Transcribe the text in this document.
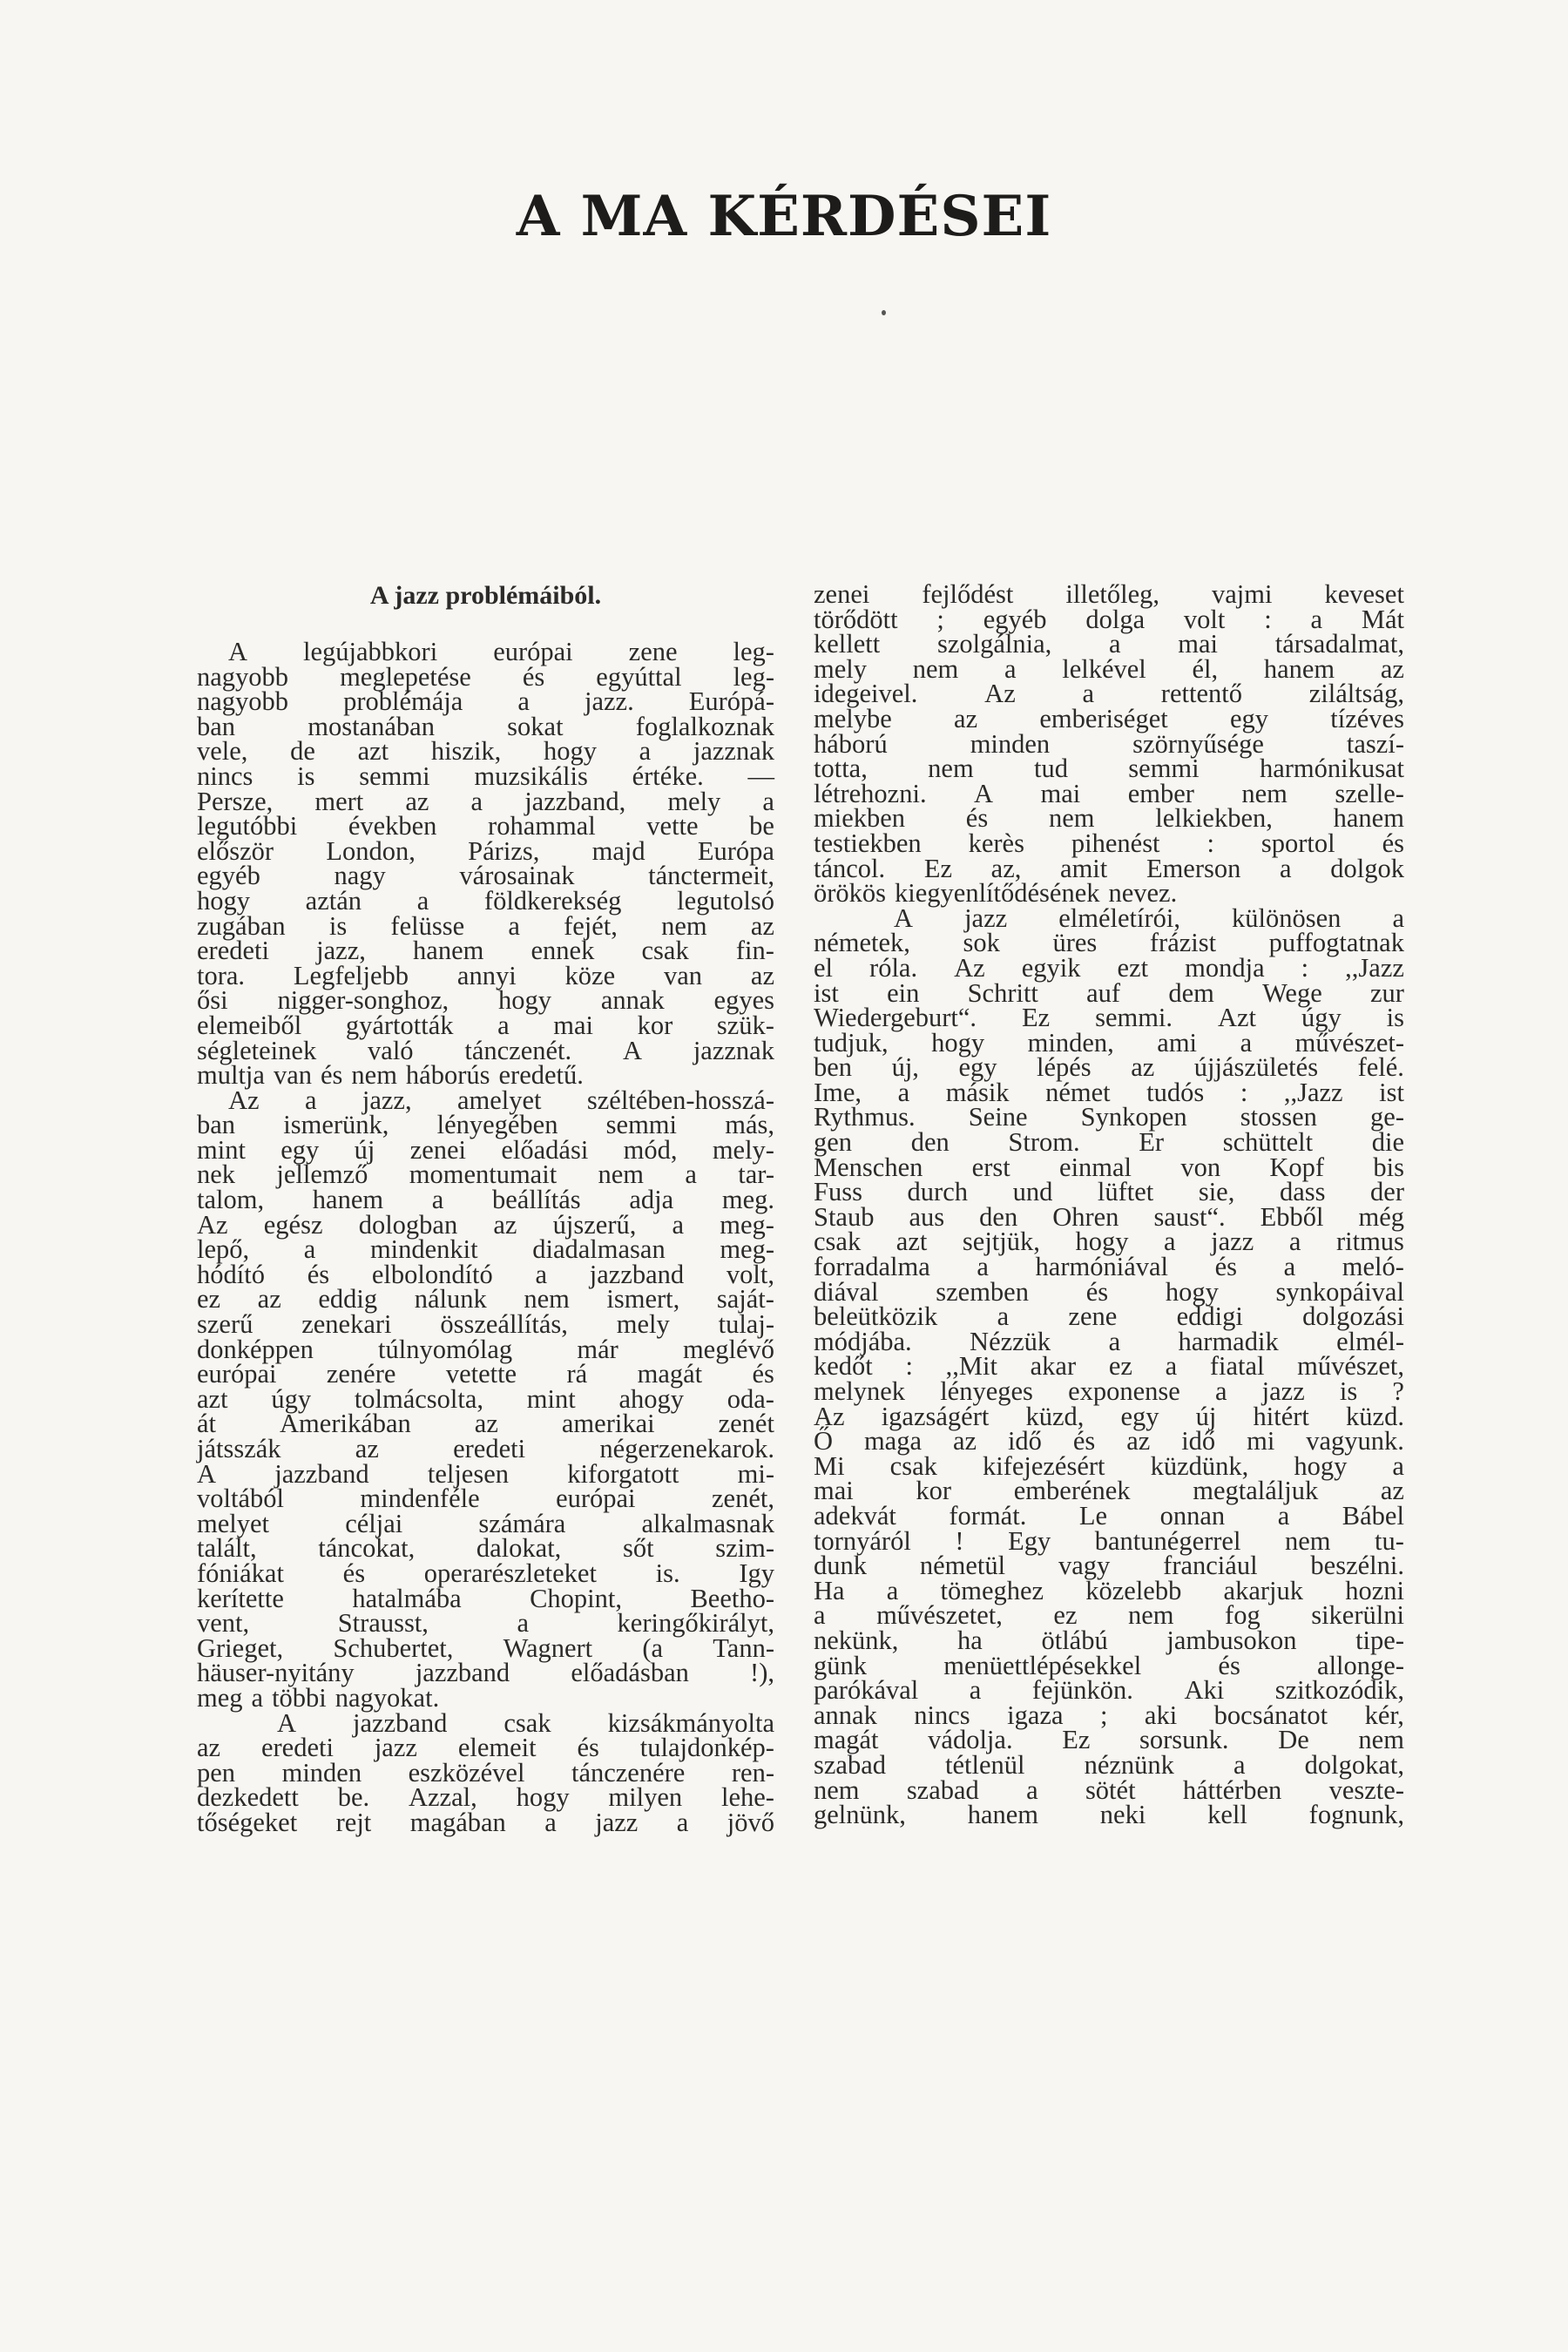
A MA KÉRDÉSEI
A jazz problémáiból.
A legújabbkori európai zene leg-
nagyobb meglepetése és egyúttal leg-
nagyobb problémája a jazz. Európá-
ban	mostanában	sokat	foglalkoznak
vele, de azt hiszik, hogy a jazznak
nincs is semmi muzsikális értéke. —
Persze, mert az a jazzband, mely a
legutóbbi években rohammal vette be
először London, Párizs, majd Európa
egyéb	nagy	városainak	tánctermeit,
hogy aztán a földkerekség legutolsó
zugában is felüsse a fejét, nem az
eredeti jazz, hanem ennek csak fin-
tora. Legfeljebb annyi köze van az
ősi nigger-songhoz, hogy annak egyes
elemeiből gyártották a mai kor szük-
ségleteinek való tánczenét. A jazznak
multja van és nem háborús eredetű.
Az a jazz, amelyet széltében-hosszá-
ban ismerünk, lényegében semmi más,
mint egy új zenei előadási mód, mely-
nek jellemző momentumait nem a tar-
talom, hanem a beállítás adja meg.
Az egész dologban az újszerű, a meg-
lepő, a mindenkit diadalmasan meg-
hódító és elbolondító a jazzband volt,
ez az eddig nálunk nem ismert, saját-
szerű zenekari összeállítás, mely tulaj-
donképpen túlnyomólag már meglévő
európai zenére vetette rá magát és
azt úgy tolmácsolta, mint ahogy oda-
át Amerikában az amerikai zenét
játsszák	az	eredeti	négerzenekarok.
A jazzband teljesen kiforgatott mi-
voltából	mindenféle	európai	zenét,
melyet	céljai	számára	alkalmasnak
talált, táncokat, dalokat, sőt szim-
fóniákat és operarészleteket is. Igy
kerítette	hatalmába	Chopint,	Beetho-
vent,	Strausst,	a	keringőkirályt,
Grieget, Schubertet, Wagnert (a Tann-
häuser-nyitány jazzband előadásban !),
meg a többi nagyokat.
A jazzband csak kizsákmányolta
az eredeti jazz elemeit és tulajdonkép-
pen minden eszközével tánczenére ren-
dezkedett be. Azzal, hogy milyen lehe-
tőségeket rejt magában a jazz a jövő
zenei fejlődést illetőleg, vajmi keveset
törődött ; egyéb dolga volt : a Mát
kellett szolgálnia, a mai társadalmat,
mely nem a lelkével él, hanem az
idegeivel.	Az	a	rettentő	ziláltság,
melybe az emberiséget egy tízéves
háború	minden	szörnyűsége	taszí-
totta, nem tud semmi harmónikusat
létrehozni. A mai ember nem szelle-
miekben és nem lelkiekben, hanem
testiekben kerès pihenést : sportol és
táncol. Ez az, amit Emerson a dolgok
örökös kiegyenlítődésének nevez.
A jazz elméletírói, különösen a
németek, sok üres frázist puffogtatnak
el róla. Az egyik ezt mondja : ,,Jazz
ist ein Schritt auf dem Wege zur
Wiedergeburt“. Ez semmi. Azt úgy is
tudjuk, hogy minden, ami a művészet-
ben új, egy lépés az újjászületés felé.
Ime, a másik német tudós : ,,Jazz ist
Rythmus. Seine Synkopen stossen ge-
gen den Strom. Er schüttelt die
Menschen erst einmal von Kopf bis
Fuss durch und lüftet sie, dass der
Staub aus den Ohren saust“. Ebből még
csak azt sejtjük, hogy a jazz a ritmus
forradalma a harmóniával és a meló-
diával szemben és hogy synkopáival
beleütközik a zene eddigi dolgozási
módjába. Nézzük a harmadik elmél-
kedőt : ,,Mit akar ez a fiatal művészet,
melynek lényeges exponense a jazz is ?
Az igazságért küzd, egy új hitért küzd.
Ő maga az idő és az idő mi vagyunk.
Mi csak kifejezésért küzdünk, hogy a
mai kor emberének megtaláljuk az
adekvát formát. Le onnan a Bábel
tornyáról ! Egy bantunégerrel nem tu-
dunk németül vagy franciául beszélni.
Ha a tömeghez közelebb akarjuk hozni
a művészetet, ez nem fog sikerülni
nekünk, ha ötlábú jambusokon tipe-
günk	menüettlépésekkel	és	allonge-
parókával a fejünkön. Aki szitkozódik,
annak nincs igaza ; aki bocsánatot kér,
magát vádolja. Ez sorsunk. De nem
szabad tétlenül néznünk a dolgokat,
nem szabad a sötét háttérben veszte-
gelnünk, hanem neki kell fognunk,
